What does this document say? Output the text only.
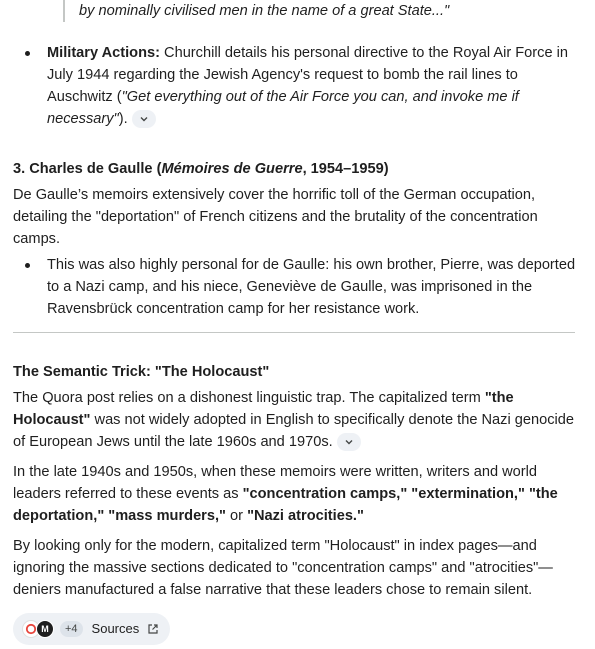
by nominally civilised men in the name of a great State..."

Military Actions: Churchill details his personal directive to the Royal Air Force in July 1944 regarding the Jewish Agency's request to bomb the rail lines to Auschwitz ("Get everything out of the Air Force you can, and invoke me if necessary").
3. Charles de Gaulle (Mémoires de Guerre, 1954–1959)

De Gaulle’s memoirs extensively cover the horrific toll of the German occupation, detailing the "deportation" of French citizens and the brutality of the concentration camps.

This was also highly personal for de Gaulle: his own brother, Pierre, was deported to a Nazi camp, and his niece, Geneviève de Gaulle, was imprisoned in the Ravensbrück concentration camp for her resistance work.
The Semantic Trick: "The Holocaust"

The Quora post relies on a dishonest linguistic trap. The capitalized term "the Holocaust" was not widely adopted in English to specifically denote the Nazi genocide of European Jews until the late 1960s and 1970s.

In the late 1940s and 1950s, when these memoirs were written, writers and world leaders referred to these events as "concentration camps," "extermination," "the deportation," "mass murders," or "Nazi atrocities."

By looking only for the modern, capitalized term "Holocaust" in index pages—and ignoring the massive sections dedicated to "concentration camps" and "atrocities"—deniers manufactured a false narrative that these leaders chose to remain silent.

M	+4	Sources
